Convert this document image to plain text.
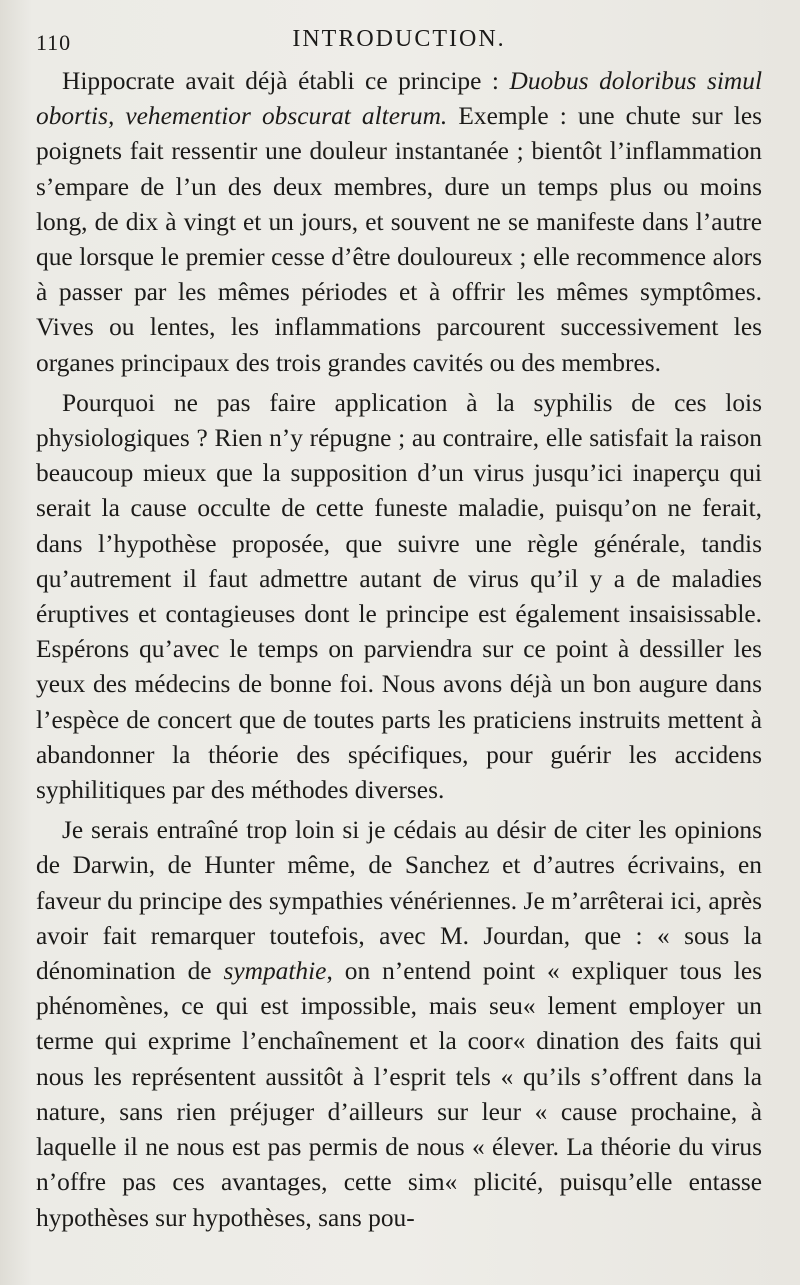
110	INTRODUCTION.

Hippocrate avait déjà établi ce principe : Duobus doloribus simul obortis, vehementior obscurat alterum. Exemple : une chute sur les poignets fait ressentir une douleur instantanée ; bientôt l’inflammation s’empare de l’un des deux membres, dure un temps plus ou moins long, de dix à vingt et un jours, et souvent ne se manifeste dans l’autre que lorsque le premier cesse d’être douloureux ; elle recommence alors à passer par les mêmes périodes et à offrir les mêmes symptômes. Vives ou lentes, les inflammations parcourent successivement les organes principaux des trois grandes cavités ou des membres.

Pourquoi ne pas faire application à la syphilis de ces lois physiologiques ? Rien n’y répugne ; au contraire, elle satisfait la raison beaucoup mieux que la supposition d’un virus jusqu’ici inaperçu qui serait la cause occulte de cette funeste maladie, puisqu’on ne ferait, dans l’hypothèse proposée, que suivre une règle générale, tandis qu’autrement il faut admettre autant de virus qu’il y a de maladies éruptives et contagieuses dont le principe est également insaisissable. Espérons qu’avec le temps on parviendra sur ce point à dessiller les yeux des médecins de bonne foi. Nous avons déjà un bon augure dans l’espèce de concert que de toutes parts les praticiens instruits mettent à abandonner la théorie des spécifiques, pour guérir les accidens syphilitiques par des méthodes diverses.

Je serais entraîné trop loin si je cédais au désir de citer les opinions de Darwin, de Hunter même, de Sanchez et d’autres écrivains, en faveur du principe des sympathies vénériennes. Je m’arrêterai ici, après avoir fait remarquer toutefois, avec M. Jourdan, que : « sous la dénomination de sympathie, on n’entend point « expliquer tous les phénomènes, ce qui est impossible, mais seu« lement employer un terme qui exprime l’enchaînement et la coor« dination des faits qui nous les représentent aussitôt à l’esprit tels « qu’ils s’offrent dans la nature, sans rien préjuger d’ailleurs sur leur « cause prochaine, à laquelle il ne nous est pas permis de nous « élever. La théorie du virus n’offre pas ces avantages, cette sim« plicité, puisqu’elle entasse hypothèses sur hypothèses, sans pou-
